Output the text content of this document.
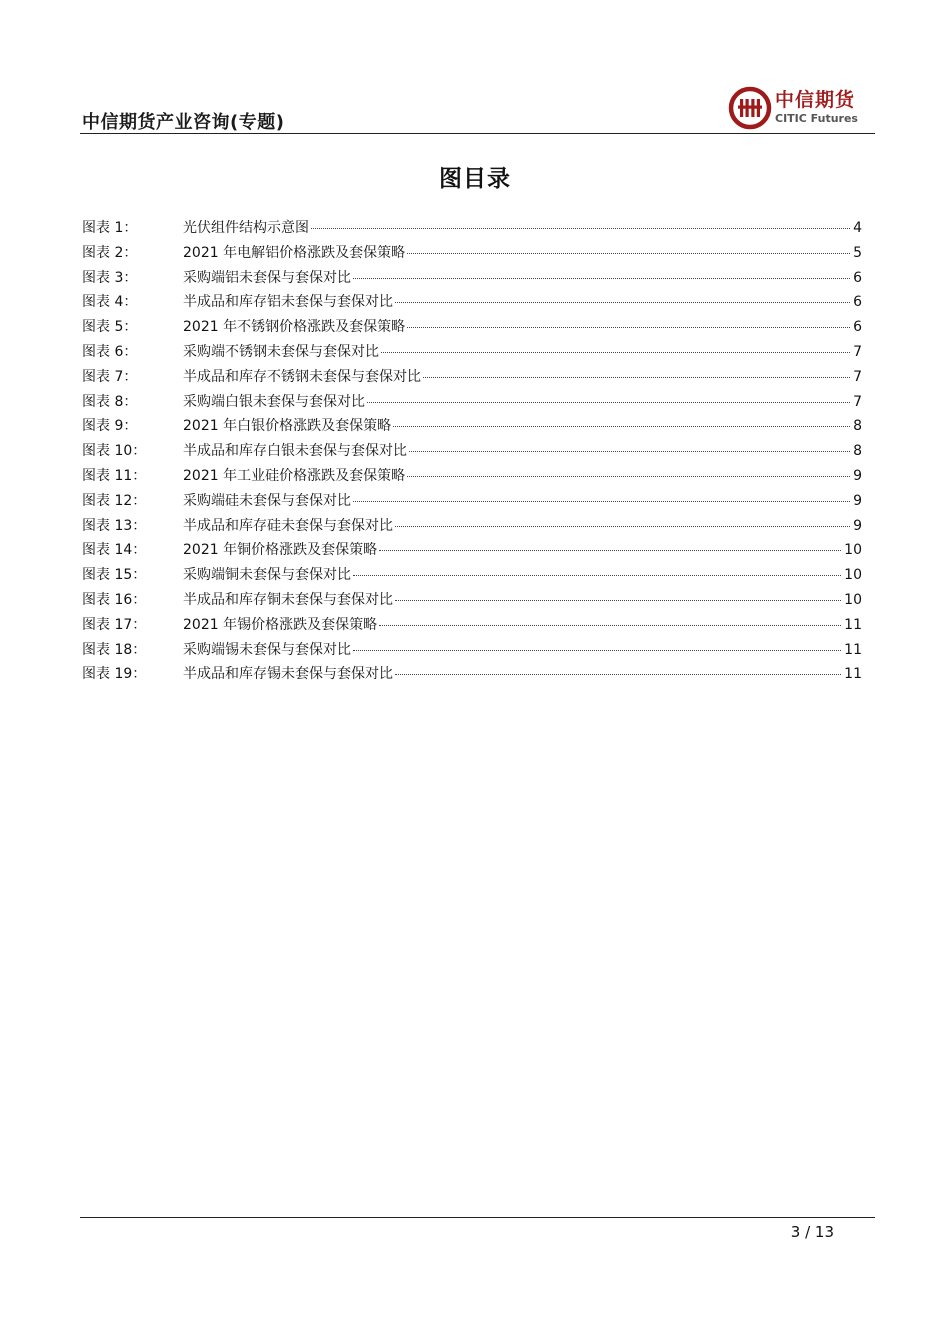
中信期货产业咨询(专题)
中信期货
CITIC Futures
图目录
图表 1：	光伏组件结构示意图	4
图表 2：	2021 年电解铝价格涨跌及套保策略	5
图表 3：	采购端铝未套保与套保对比	6
图表 4：	半成品和库存铝未套保与套保对比	6
图表 5：	2021 年不锈钢价格涨跌及套保策略	6
图表 6：	采购端不锈钢未套保与套保对比	7
图表 7：	半成品和库存不锈钢未套保与套保对比	7
图表 8：	采购端白银未套保与套保对比	7
图表 9：	2021 年白银价格涨跌及套保策略	8
图表 10：	半成品和库存白银未套保与套保对比	8
图表 11：	2021 年工业硅价格涨跌及套保策略	9
图表 12：	采购端硅未套保与套保对比	9
图表 13：	半成品和库存硅未套保与套保对比	9
图表 14：	2021 年铜价格涨跌及套保策略	10
图表 15：	采购端铜未套保与套保对比	10
图表 16：	半成品和库存铜未套保与套保对比	10
图表 17：	2021 年锡价格涨跌及套保策略	11
图表 18：	采购端锡未套保与套保对比	11
图表 19：	半成品和库存锡未套保与套保对比	11
3 / 13
